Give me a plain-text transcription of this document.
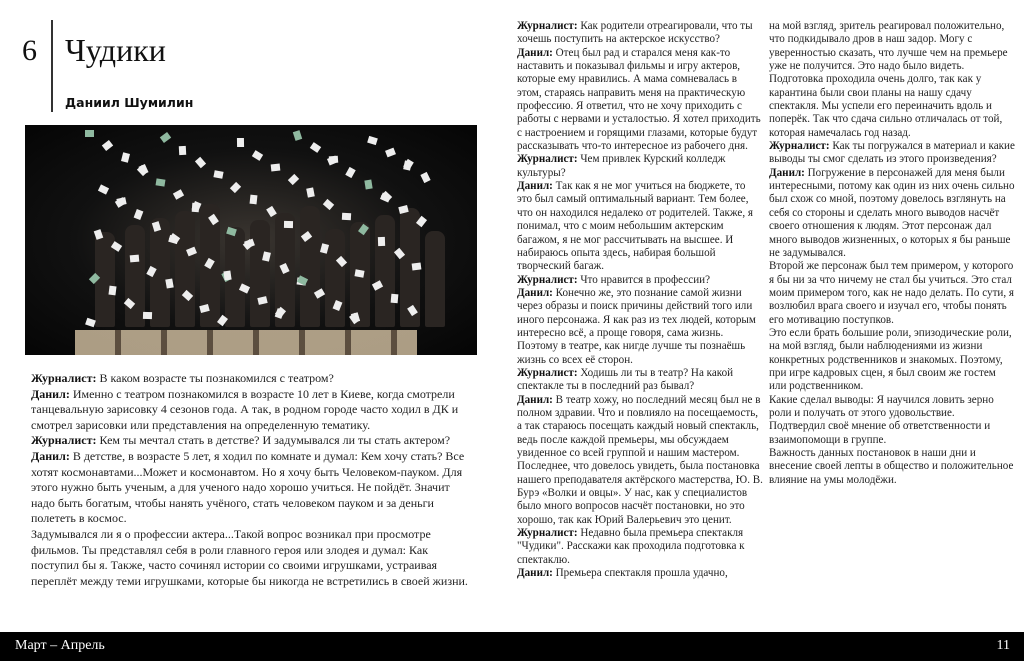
6 Чудики
Даниил Шумилин

Журналист: В каком возрасте ты познакомился с театром?

Данил: Именно с театром познакомился в возрасте 10 лет в Киеве, когда смотрели танцевальную зарисовку 4 сезонов года. А так, в родном городе часто ходил в ДК и смотрел зарисовки или представления на определенную тематику.

Журналист: Кем ты мечтал стать в детстве? И задумывался ли ты стать актером?

Данил: В детстве, в возрасте 5 лет, я ходил по комнате и думал: Кем хочу стать? Все хотят космонавтами...Может и космонавтом. Но я хочу быть Человеком-пауком. Для этого нужно быть ученым, а для ученого надо хорошо учиться. Не пойдёт. Значит надо быть богатым, чтобы нанять учёного, стать человеком пауком и за деньги полететь в космос.

Задумывался ли я о профессии актера...Такой вопрос возникал при просмотре фильмов. Ты представлял себя в роли главного героя или злодея и думал: Как поступил бы я. Также, часто сочинял истории со своими игрушками, устраивая переплёт между теми игрушками, которые бы никогда не встретились в своей жизни.

Журналист: Как родители отреагировали, что ты хочешь поступить на актерское искусство?

Данил: Отец был рад и старался меня как-то наставить и показывал фильмы и игру актеров, которые ему нравились. А мама сомневалась в этом, стараясь направить меня на практическую профессию. Я ответил, что не хочу приходить с работы с нервами и усталостью. Я хотел приходить с настроением и горящими глазами, которые будут рассказывать что-то интересное из рабочего дня.

Журналист: Чем привлек Курский колледж культуры?

Данил: Так как я не мог учиться на бюджете, то это был самый оптимальный вариант. Тем более, что он находился недалеко от родителей. Также, я понимал, что с моим небольшим актерским багажом, я не мог рассчитывать на высшее. И набираюсь опыта здесь, набирая большой творческий багаж.

Журналист: Что нравится в профессии?

Данил: Конечно же, это познание самой жизни через образы и поиск причины действий того или иного персонажа. Я как раз из тех людей, которым интересно всё, а проще говоря, сама жизнь. Поэтому в театре, как нигде лучше ты познаёшь жизнь со всех её сторон.

Журналист: Ходишь ли ты в театр? На какой спектакле ты в последний раз бывал?

Данил: В театр хожу, но последний месяц был не в полном здравии. Что и повлияло на посещаемость, а так стараюсь посещать каждый новый спектакль, ведь после каждой премьеры, мы обсуждаем увиденное со всей группой и нашим мастером. Последнее, что довелось увидеть, была постановка нашего преподавателя актёрского мастерства, Ю. В. Бурэ «Волки и овцы». У нас, как у специалистов было много вопросов насчёт постановки, но это хорошо, так как Юрий Валерьевич это ценит.

Журналист: Недавно была премьера спектакля "Чудики". Расскажи как проходила подготовка к спектаклю.

Данил: Премьера спектакля прошла удачно,

на мой взгляд, зритель реагировал положительно, что подкидывало дров в наш задор. Могу с уверенностью сказать, что лучше чем на премьере уже не получится. Это надо было видеть.

Подготовка проходила очень долго, так как у карантина были свои планы на нашу сдачу спектакля. Мы успели его переиначить вдоль и поперёк. Так что сдача сильно отличалась от той, которая намечалась год назад.

Журналист: Как ты погружался в материал и какие выводы ты смог сделать из этого произведения?

Данил: Погружение в персонажей для меня были интересными, потому как один из них очень сильно был схож со мной, поэтому довелось взглянуть на себя со стороны и сделать много выводов насчёт своего отношения к людям. Этот персонаж дал много выводов жизненных, о которых я бы раньше не задумывался.

Второй же персонаж был тем примером, у которого я бы ни за что ничему не стал бы учиться. Это стал моим примером того, как не надо делать. По сути, я возлюбил врага своего и изучал его, чтобы понять его мотивацию поступков.

Это если брать большие роли, эпизодические роли, на мой взгляд, были наблюдениями из жизни конкретных родственников и знакомых. Поэтому, при игре кадровых сцен, я был своим же гостем или родственником.

Какие сделал выводы: Я научился ловить зерно роли и получать от этого удовольствие.

Подтвердил своё мнение об ответственности и взаимопомощи в группе.

Важность данных постановок в наши дни и внесение своей лепты в общество и положительное влияние на умы молодёжи.

Март – Апрель	11
